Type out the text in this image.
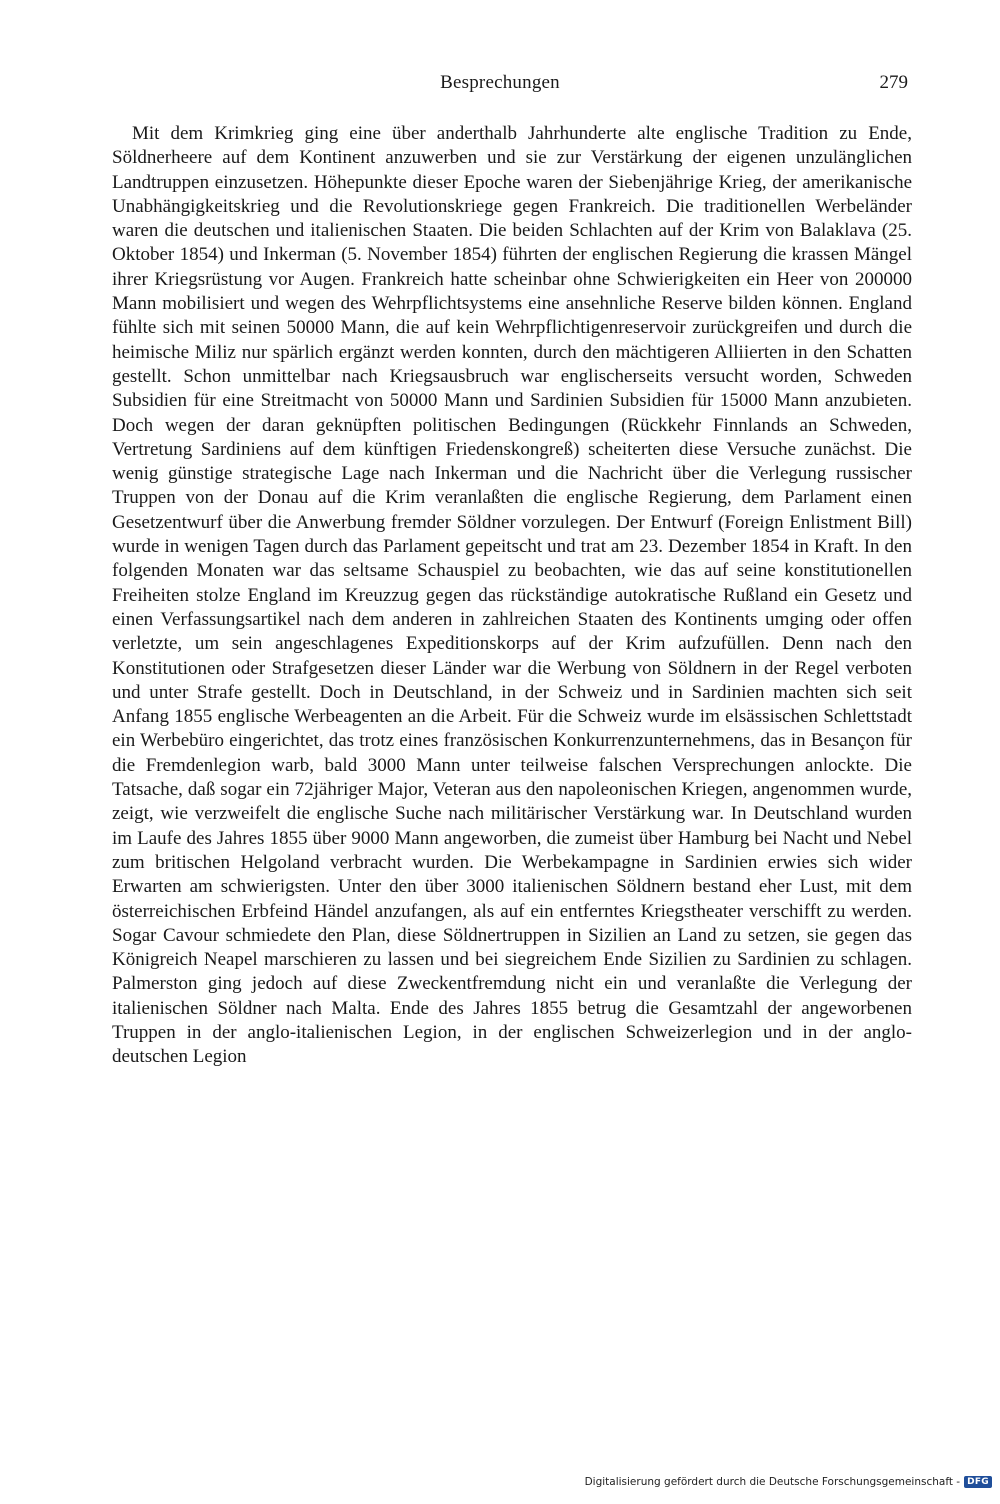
Besprechungen	279

Mit dem Krimkrieg ging eine über anderthalb Jahrhunderte alte englische Tradition zu Ende, Söldnerheere auf dem Kontinent anzuwerben und sie zur Verstärkung der eigenen unzulänglichen Landtruppen einzusetzen. Höhepunkte dieser Epoche waren der Siebenjährige Krieg, der amerikanische Unabhängigkeitskrieg und die Revolutionskriege gegen Frankreich. Die traditionellen Werbeländer waren die deutschen und italienischen Staaten. Die beiden Schlachten auf der Krim von Balaklava (25. Oktober 1854) und Inkerman (5. November 1854) führten der englischen Regierung die krassen Mängel ihrer Kriegsrüstung vor Augen. Frankreich hatte scheinbar ohne Schwierigkeiten ein Heer von 200000 Mann mobilisiert und wegen des Wehrpflichtsystems eine ansehnliche Reserve bilden können. England fühlte sich mit seinen 50000 Mann, die auf kein Wehrpflichtigenreservoir zurückgreifen und durch die heimische Miliz nur spärlich ergänzt werden konnten, durch den mächtigeren Alliierten in den Schatten gestellt. Schon unmittelbar nach Kriegsausbruch war englischerseits versucht worden, Schweden Subsidien für eine Streitmacht von 50000 Mann und Sardinien Subsidien für 15000 Mann anzubieten. Doch wegen der daran geknüpften politischen Bedingungen (Rückkehr Finnlands an Schweden, Vertretung Sardiniens auf dem künftigen Friedenskongreß) scheiterten diese Versuche zunächst. Die wenig günstige strategische Lage nach Inkerman und die Nachricht über die Verlegung russischer Truppen von der Donau auf die Krim veranlaßten die englische Regierung, dem Parlament einen Gesetzentwurf über die Anwerbung fremder Söldner vorzulegen. Der Entwurf (Foreign Enlistment Bill) wurde in wenigen Tagen durch das Parlament gepeitscht und trat am 23. Dezember 1854 in Kraft. In den folgenden Monaten war das seltsame Schauspiel zu beobachten, wie das auf seine konstitutionellen Freiheiten stolze England im Kreuzzug gegen das rückständige autokratische Rußland ein Gesetz und einen Verfassungsartikel nach dem anderen in zahlreichen Staaten des Kontinents umging oder offen verletzte, um sein angeschlagenes Expeditionskorps auf der Krim aufzufüllen. Denn nach den Konstitutionen oder Strafgesetzen dieser Länder war die Werbung von Söldnern in der Regel verboten und unter Strafe gestellt. Doch in Deutschland, in der Schweiz und in Sardinien machten sich seit Anfang 1855 englische Werbeagenten an die Arbeit. Für die Schweiz wurde im elsässischen Schlettstadt ein Werbebüro eingerichtet, das trotz eines französischen Konkurrenzunternehmens, das in Besançon für die Fremdenlegion warb, bald 3000 Mann unter teilweise falschen Versprechungen anlockte. Die Tatsache, daß sogar ein 72jähriger Major, Veteran aus den napoleonischen Kriegen, angenommen wurde, zeigt, wie verzweifelt die englische Suche nach militärischer Verstärkung war. In Deutschland wurden im Laufe des Jahres 1855 über 9000 Mann angeworben, die zumeist über Hamburg bei Nacht und Nebel zum britischen Helgoland verbracht wurden. Die Werbekampagne in Sardinien erwies sich wider Erwarten am schwierigsten. Unter den über 3000 italienischen Söldnern bestand eher Lust, mit dem österreichischen Erbfeind Händel anzufangen, als auf ein entferntes Kriegstheater verschifft zu werden. Sogar Cavour schmiedete den Plan, diese Söldnertruppen in Sizilien an Land zu setzen, sie gegen das Königreich Neapel marschieren zu lassen und bei siegreichem Ende Sizilien zu Sardinien zu schlagen. Palmerston ging jedoch auf diese Zweckentfremdung nicht ein und veranlaßte die Verlegung der italienischen Söldner nach Malta. Ende des Jahres 1855 betrug die Gesamtzahl der angeworbenen Truppen in der anglo-italienischen Legion, in der englischen Schweizerlegion und in der anglo-deutschen Legion

Digitalisierung gefördert durch die Deutsche Forschungsgemeinschaft - DFG
